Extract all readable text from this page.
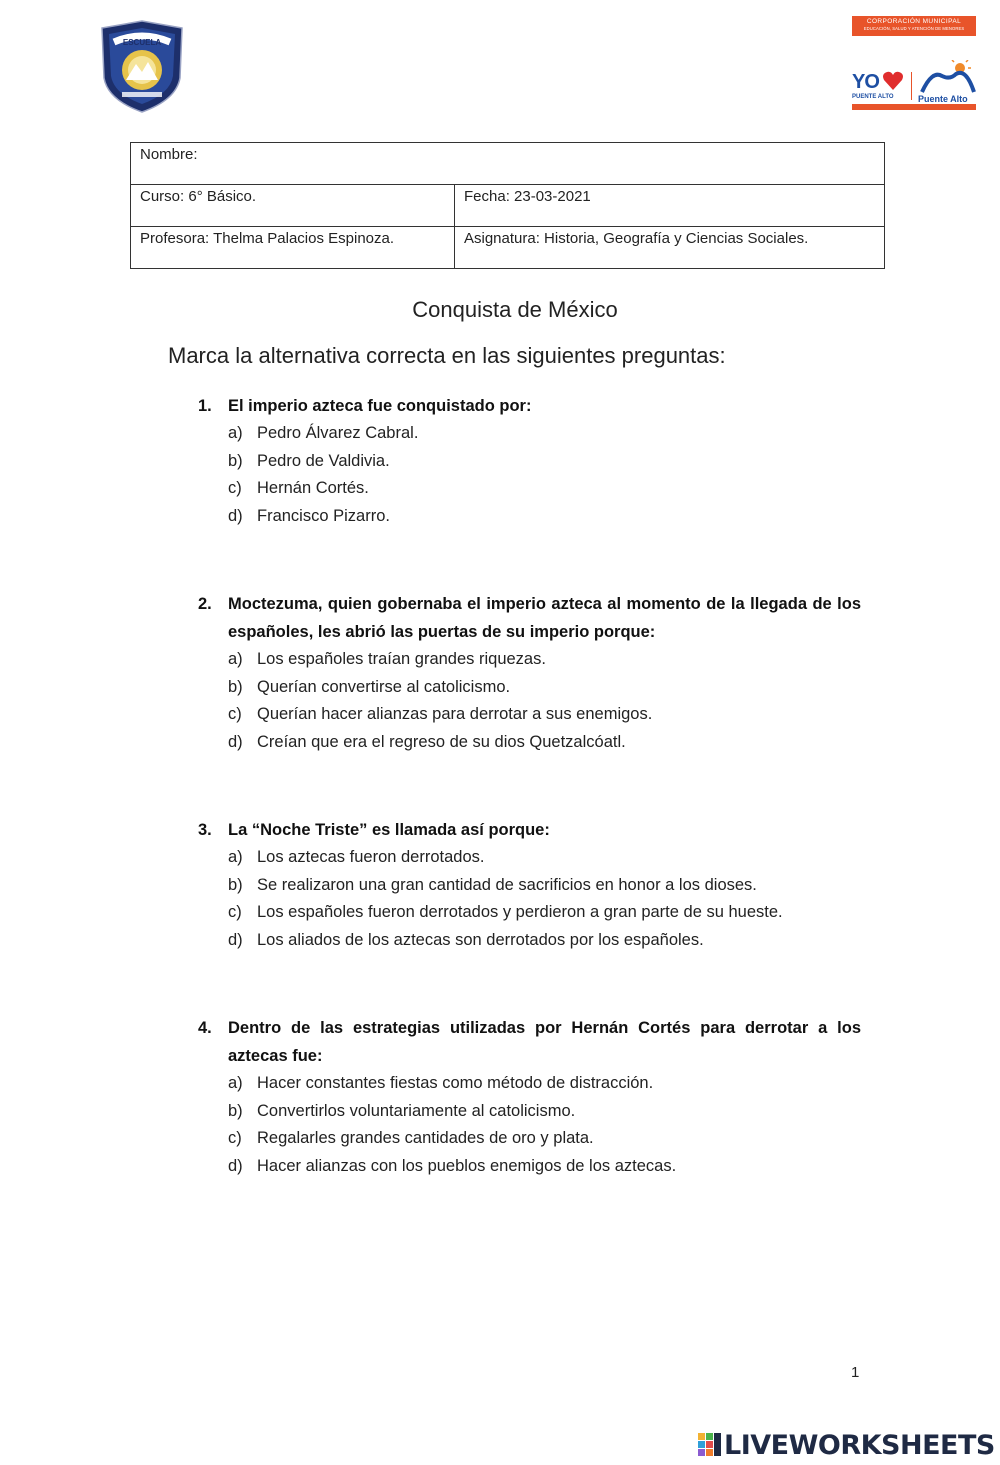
ESCUELA
CORPORACIÓN MUNICIPAL
EDUCACIÓN, SALUD Y ATENCIÓN DE MENORES
YO
PUENTE ALTO	Puente Alto
Nombre:	
Curso: 6° Básico.	Fecha: 23-03-2021
Profesora: Thelma Palacios Espinoza.	Asignatura: Historia, Geografía y Ciencias Sociales.
Conquista de México
Marca la alternativa correcta en las siguientes preguntas:
1. El imperio azteca fue conquistado por:
a) Pedro Álvarez Cabral.
b) Pedro de Valdivia.
c) Hernán Cortés.
d) Francisco Pizarro.
2. Moctezuma, quien gobernaba el imperio azteca al momento de la llegada de los españoles, les abrió las puertas de su imperio porque:
a) Los españoles traían grandes riquezas.
b) Querían convertirse al catolicismo.
c) Querían hacer alianzas para derrotar a sus enemigos.
d) Creían que era el regreso de su dios Quetzalcóatl.
3. La “Noche Triste” es llamada así porque:
a) Los aztecas fueron derrotados.
b) Se realizaron una gran cantidad de sacrificios en honor a los dioses.
c) Los españoles fueron derrotados y perdieron a gran parte de su hueste.
d) Los aliados de los aztecas son derrotados por los españoles.
4. Dentro de las estrategias utilizadas por Hernán Cortés para derrotar a los aztecas fue:
a) Hacer constantes fiestas como método de distracción.
b) Convertirlos voluntariamente al catolicismo.
c) Regalarles grandes cantidades de oro y plata.
d) Hacer alianzas con los pueblos enemigos de los aztecas.
1
LIVEWORKSHEETS
